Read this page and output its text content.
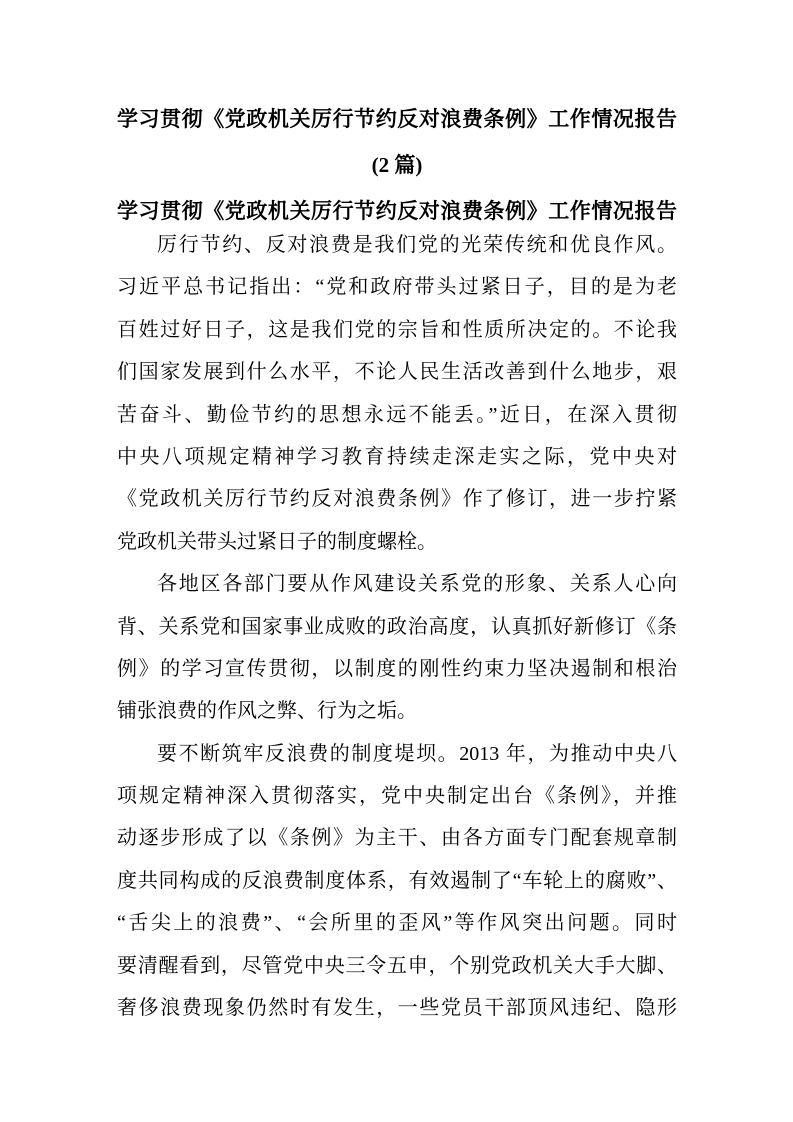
学习贯彻《党政机关厉行节约反对浪费条例》工作情况报告
(2 篇)
学习贯彻《党政机关厉行节约反对浪费条例》工作情况报告
厉行节约、反对浪费是我们党的光荣传统和优良作风。
习近平总书记指出：“党和政府带头过紧日子，目的是为老
百姓过好日子，这是我们党的宗旨和性质所决定的。不论我
们国家发展到什么水平，不论人民生活改善到什么地步，艰
苦奋斗、勤俭节约的思想永远不能丢。”近日，在深入贯彻
中央八项规定精神学习教育持续走深走实之际，党中央对
《党政机关厉行节约反对浪费条例》作了修订，进一步拧紧
党政机关带头过紧日子的制度螺栓。
各地区各部门要从作风建设关系党的形象、关系人心向
背、关系党和国家事业成败的政治高度，认真抓好新修订《条
例》的学习宣传贯彻，以制度的刚性约束力坚决遏制和根治
铺张浪费的作风之弊、行为之垢。
要不断筑牢反浪费的制度堤坝。2013 年，为推动中央八
项规定精神深入贯彻落实，党中央制定出台《条例》，并推
动逐步形成了以《条例》为主干、由各方面专门配套规章制
度共同构成的反浪费制度体系，有效遏制了“车轮上的腐败”、
“舌尖上的浪费”、“会所里的歪风”等作风突出问题。同时
要清醒看到，尽管党中央三令五申，个别党政机关大手大脚、
奢侈浪费现象仍然时有发生，一些党员干部顶风违纪、隐形
